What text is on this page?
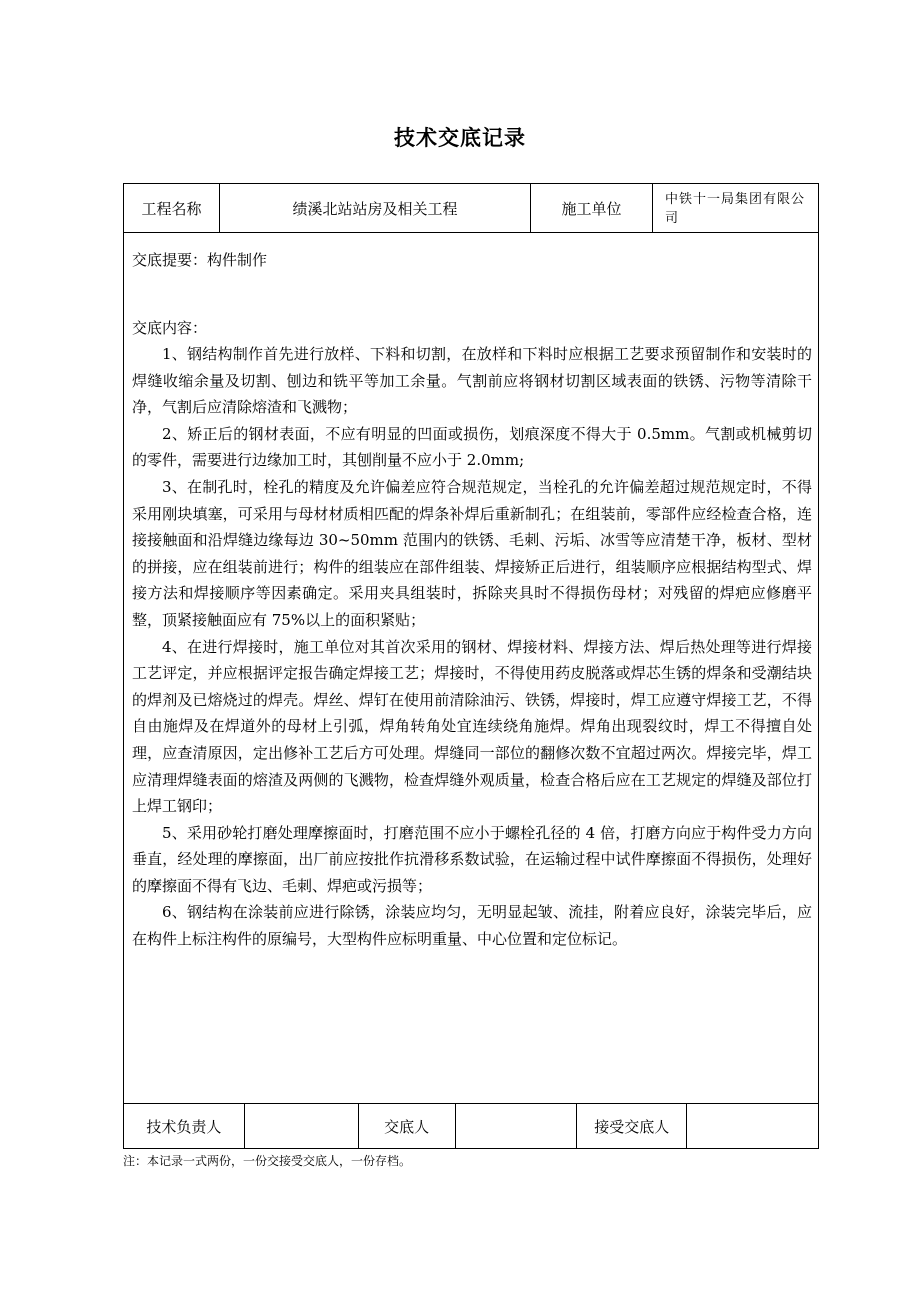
技术交底记录
工程名称	绩溪北站站房及相关工程	施工单位	中铁十一局集团有限公司

交底提要：构件制作
交底内容：

1、钢结构制作首先进行放样、下料和切割，在放样和下料时应根据工艺要求预留制作和安装时的焊缝收缩余量及切割、刨边和铣平等加工余量。气割前应将钢材切割区域表面的铁锈、污物等清除干净，气割后应清除熔渣和飞溅物；

2、矫正后的钢材表面，不应有明显的凹面或损伤，划痕深度不得大于 0.5mm。气割或机械剪切的零件，需要进行边缘加工时，其刨削量不应小于 2.0mm;

3、在制孔时，栓孔的精度及允许偏差应符合规范规定，当栓孔的允许偏差超过规范规定时，不得采用刚块填塞，可采用与母材材质相匹配的焊条补焊后重新制孔；在组装前，零部件应经检查合格，连接接触面和沿焊缝边缘每边 30~50mm 范围内的铁锈、毛刺、污垢、冰雪等应清楚干净，板材、型材的拼接，应在组装前进行；构件的组装应在部件组装、焊接矫正后进行，组装顺序应根据结构型式、焊接方法和焊接顺序等因素确定。采用夹具组装时，拆除夹具时不得损伤母材；对残留的焊疤应修磨平整，顶紧接触面应有 75%以上的面积紧贴；

4、在进行焊接时，施工单位对其首次采用的钢材、焊接材料、焊接方法、焊后热处理等进行焊接工艺评定，并应根据评定报告确定焊接工艺；焊接时，不得使用药皮脱落或焊芯生锈的焊条和受潮结块的焊剂及已熔烧过的焊壳。焊丝、焊钉在使用前清除油污、铁锈，焊接时，焊工应遵守焊接工艺，不得自由施焊及在焊道外的母材上引弧，焊角转角处宜连续绕角施焊。焊角出现裂纹时，焊工不得擅自处理，应查清原因，定出修补工艺后方可处理。焊缝同一部位的翻修次数不宜超过两次。焊接完毕，焊工应清理焊缝表面的熔渣及两侧的飞溅物，检查焊缝外观质量，检查合格后应在工艺规定的焊缝及部位打上焊工钢印；

5、采用砂轮打磨处理摩擦面时，打磨范围不应小于螺栓孔径的 4 倍，打磨方向应于构件受力方向垂直，经处理的摩擦面，出厂前应按批作抗滑移系数试验，在运输过程中试件摩擦面不得损伤，处理好的摩擦面不得有飞边、毛刺、焊疤或污损等；

6、钢结构在涂装前应进行除锈，涂装应均匀，无明显起皱、流挂，附着应良好，涂装完毕后，应在构件上标注构件的原编号，大型构件应标明重量、中心位置和定位标记。

技术负责人	交底人	接受交底人
注：本记录一式两份，一份交接受交底人，一份存档。
